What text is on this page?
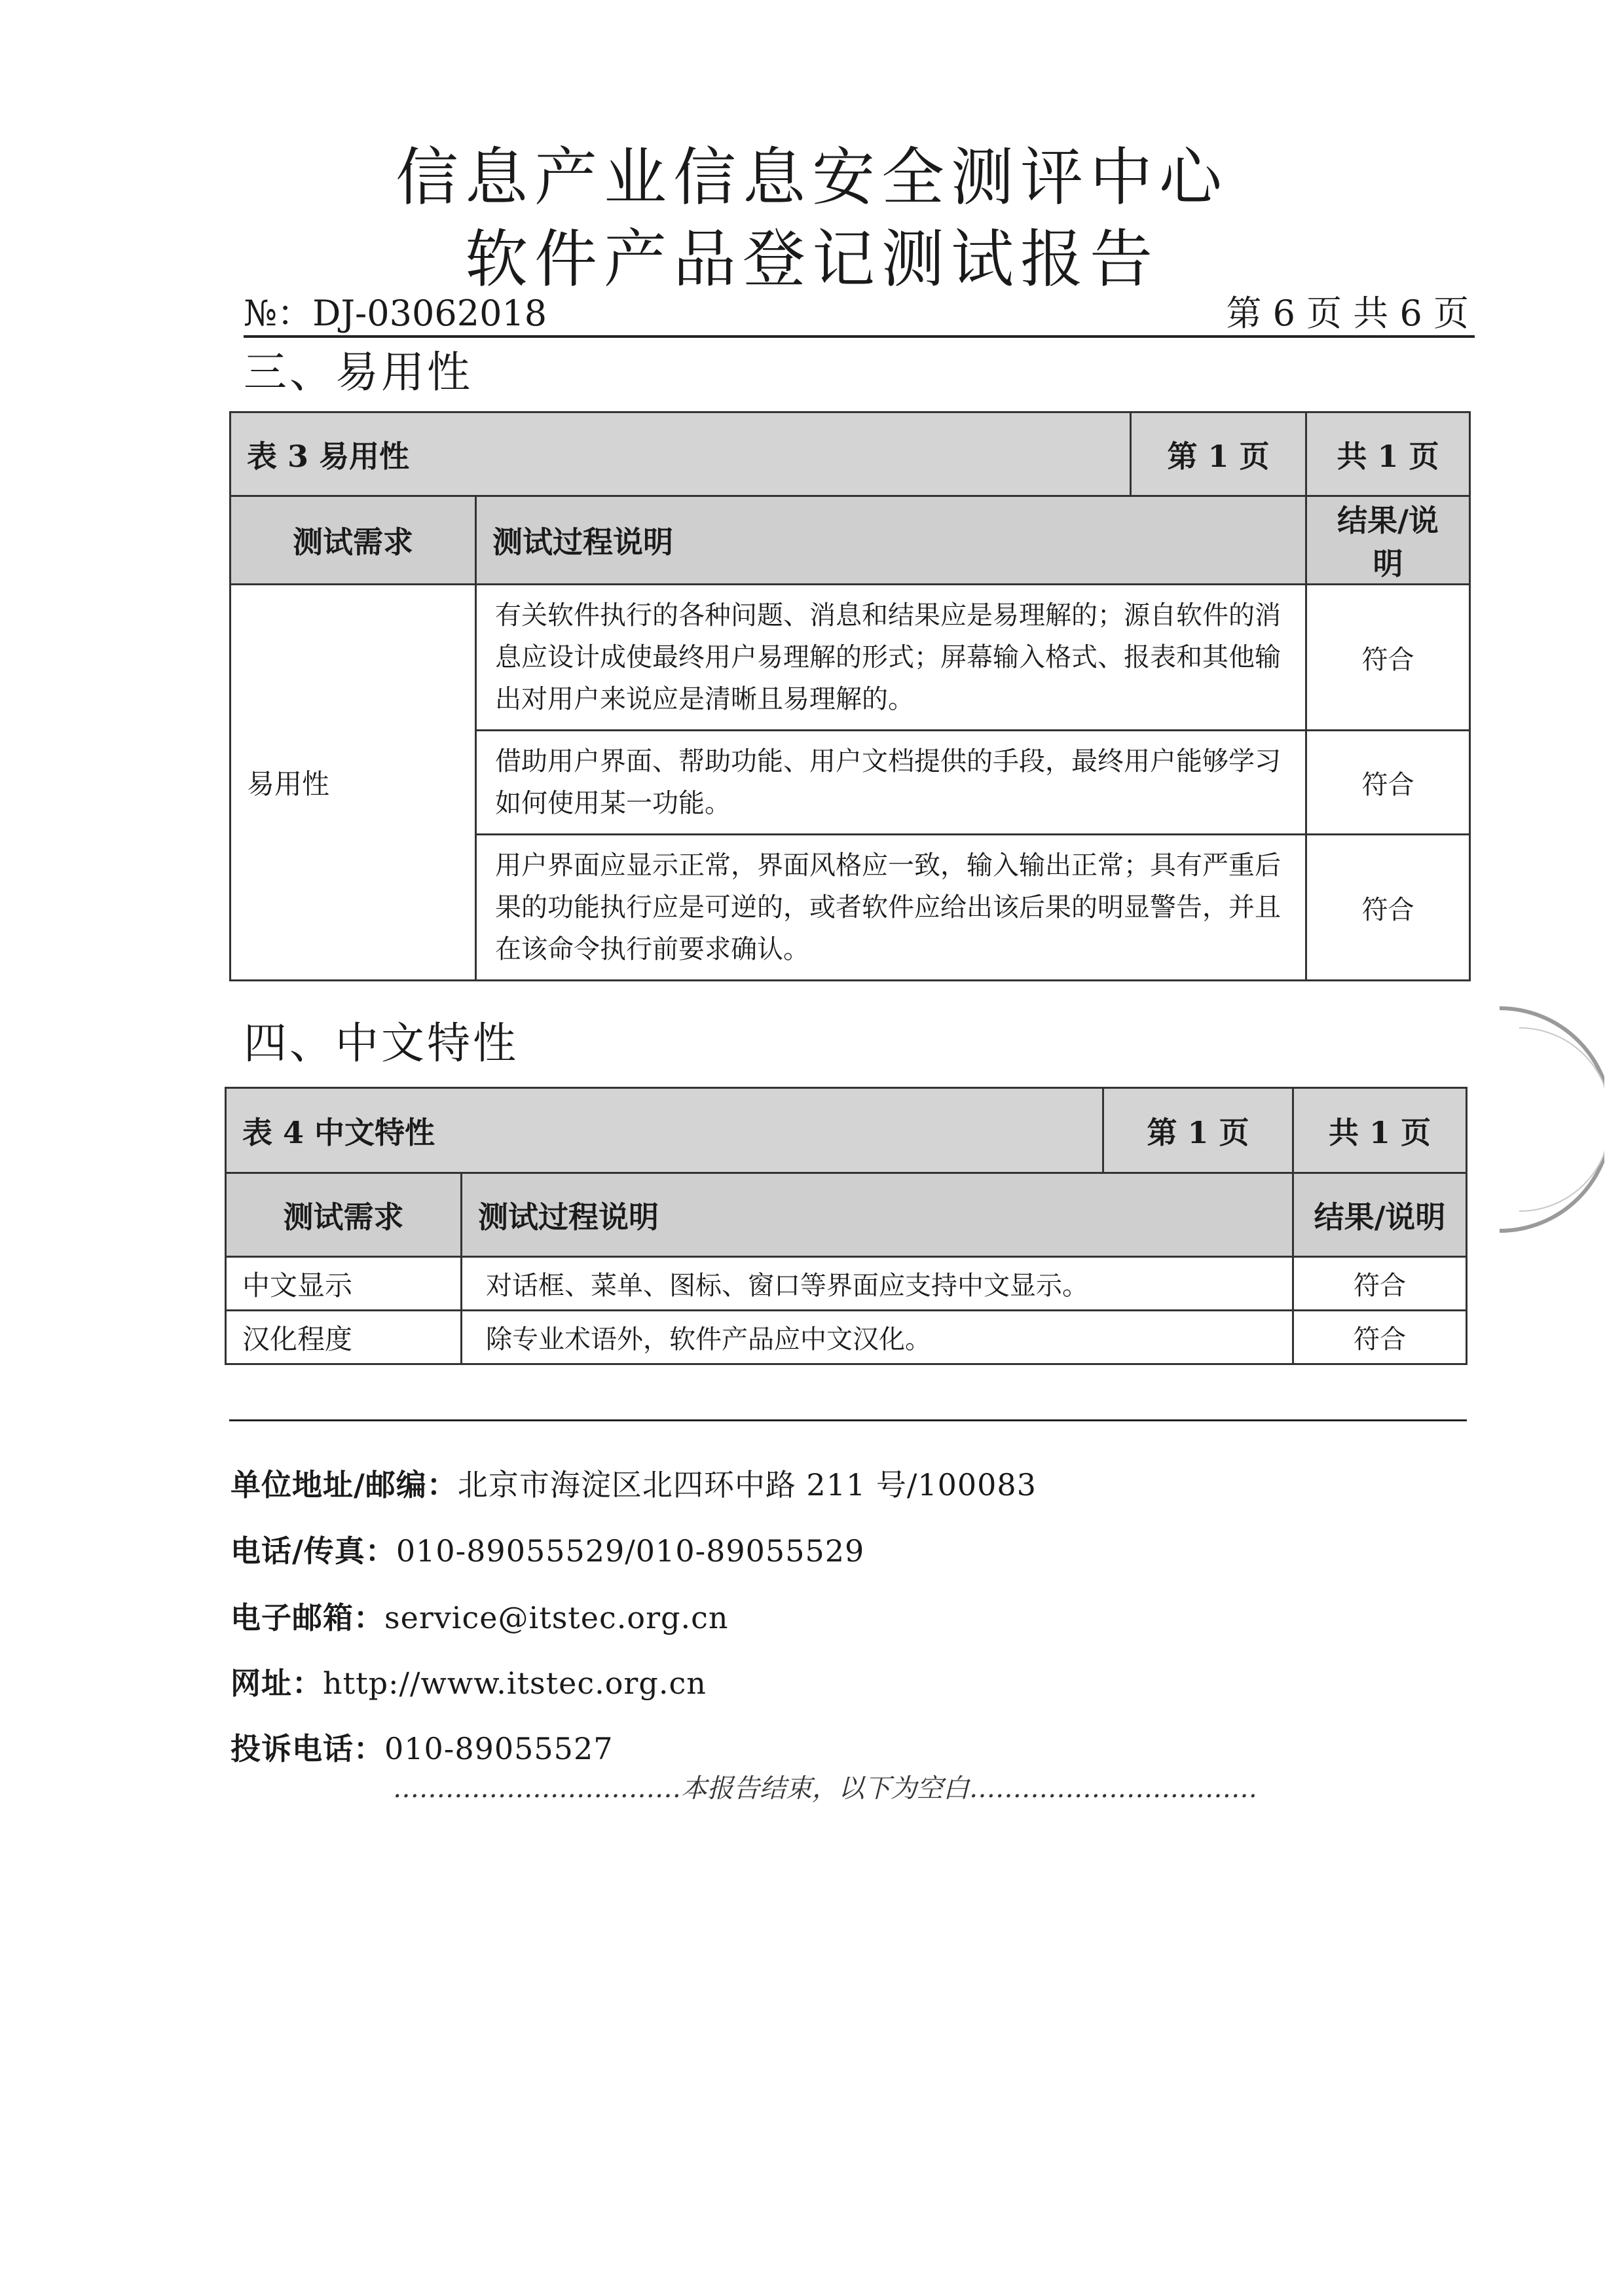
信息产业信息安全测评中心
软件产品登记测试报告
№：DJ-03062018	第 6 页 共 6 页
三、易用性
表 3 易用性		第 1 页	共 1 页
测试需求	测试过程说明		结果/说明
易用性	有关软件执行的各种问题、消息和结果应是易理解的；源自软件的消息应设计成使最终用户易理解的形式；屏幕输入格式、报表和其他输出对用户来说应是清晰且易理解的。		符合
	借助用户界面、帮助功能、用户文档提供的手段，最终用户能够学习如何使用某一功能。		符合
	用户界面应显示正常，界面风格应一致，输入输出正常；具有严重后果的功能执行应是可逆的，或者软件应给出该后果的明显警告，并且在该命令执行前要求确认。		符合
四、中文特性
表 4 中文特性		第 1 页	共 1 页
测试需求	测试过程说明		结果/说明
中文显示	对话框、菜单、图标、窗口等界面应支持中文显示。		符合
汉化程度	除专业术语外，软件产品应中文汉化。		符合
单位地址/邮编：北京市海淀区北四环中路 211 号/100083
电话/传真：010-89055529/010-89055529
电子邮箱：service@itstec.org.cn
网址：http://www.itstec.org.cn
投诉电话：010-89055527
……………………………本报告结束，以下为空白……………………………
